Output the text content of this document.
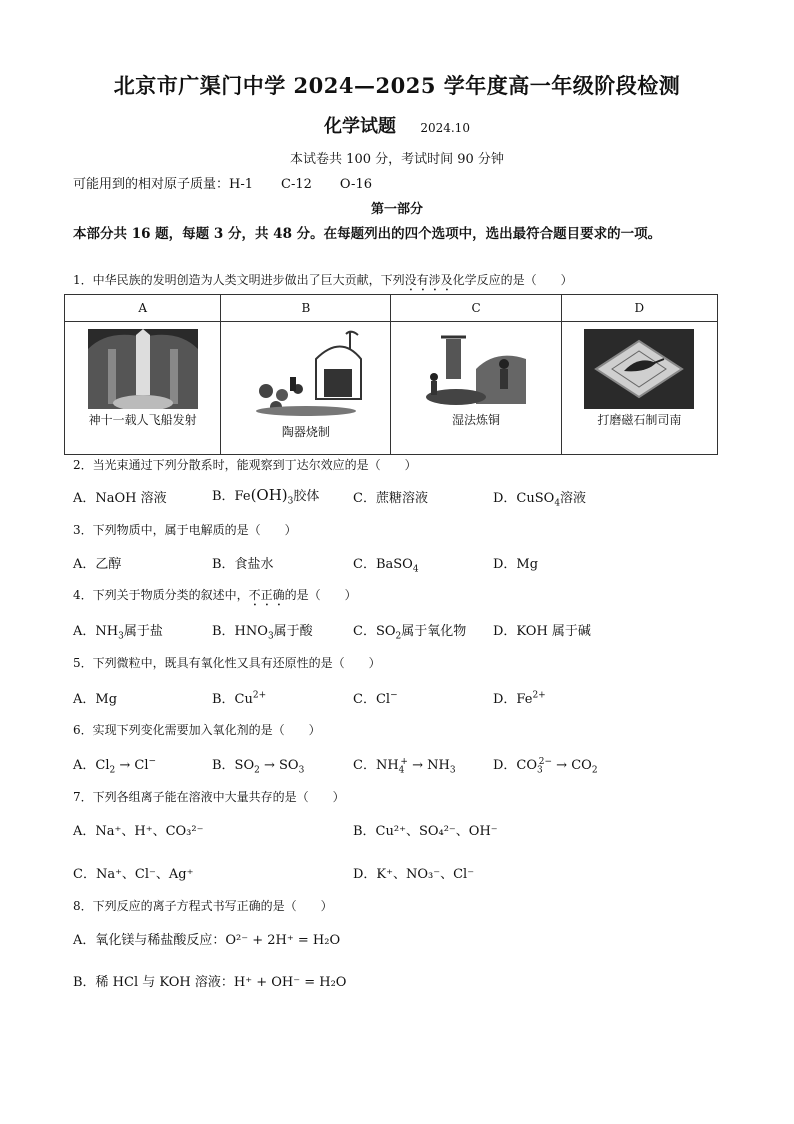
北京市广渠门中学 2024—2025 学年度高一年级阶段检测
化学试题 2024.10
本试卷共 100 分，考试时间 90 分钟
可能用到的相对原子质量：H-1 C-12 O-16
第一部分
本部分共 16 题，每题 3 分，共 48 分。在每题列出的四个选项中，选出最符合题目要求的一项。
1．中华民族的发明创造为人类文明进步做出了巨大贡献，下列没有涉及化学反应的是（　　）
A	B	C	D

神十一载人飞船发射	陶器烧制	湿法炼铜	打磨磁石制司南
2．当光束通过下列分散系时，能观察到丁达尔效应的是（　　）
A．NaOH 溶液	B．$Fe(OH)_3$胶体	C．蔗糖溶液	D．CuSO$_4$溶液
3．下列物质中，属于电解质的是（　　）
A．乙醇	B．食盐水	C．BaSO$_4$	D．Mg
4．下列关于物质分类的叙述中，不正确的是（　　）
A．$NH_3$属于盐	B．$HNO_3$属于酸	C．$SO_2$属于氧化物 D．KOH 属于碱
5．下列微粒中，既具有氧化性又具有还原性的是（　　）
A．Mg	B．$Cu^{2+}$	C．Cl−	D．$Fe^{2+}$
6．实现下列变化需要加入氧化剂的是（　　）
A．$Cl_2 \to Cl^-$	B．$SO_2 \to SO_3$	C．$NH_4^+ \to NH_3$	D．$CO_3^{2-} \to CO_2$
7．下列各组离子能在溶液中大量共存的是（　　）
A．Na⁺、H⁺、CO₃²⁻	B．Cu²⁺、SO₄²⁻、OH⁻
C．Na⁺、Cl⁻、Ag⁺	D．K⁺、NO₃⁻、Cl⁻
8．下列反应的离子方程式书写正确的是（　　）
A．氧化镁与稀盐酸反应：O²⁻ + 2H⁺ = H₂O
B．稀 HCl 与 KOH 溶液：H⁺ + OH⁻ = H₂O
